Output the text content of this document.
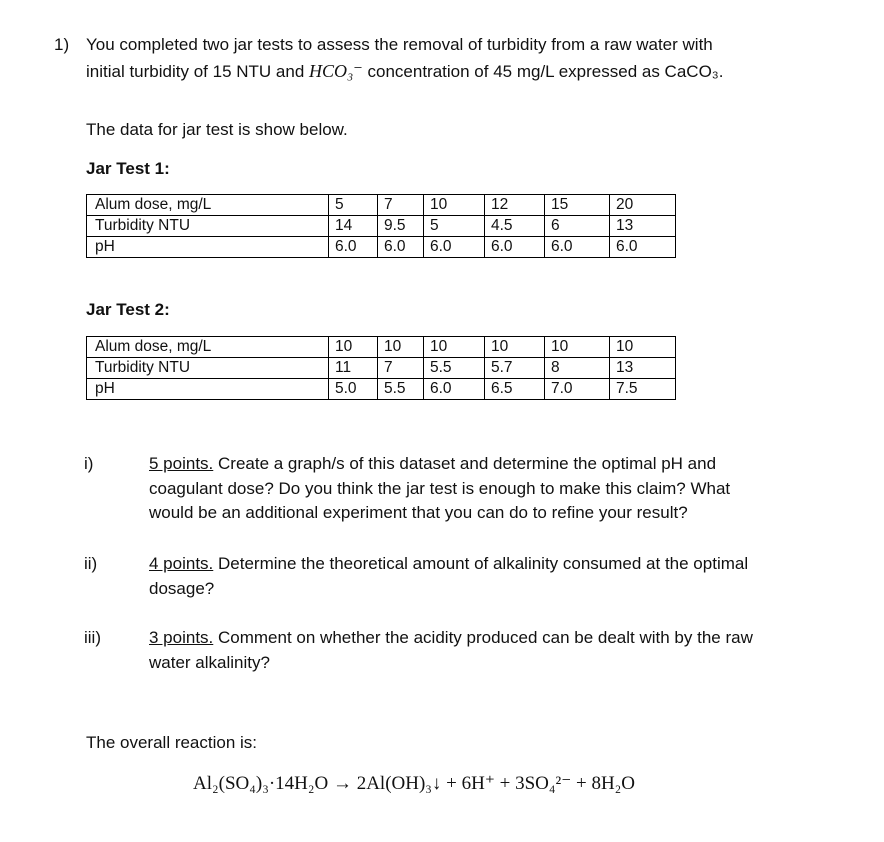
1) You completed two jar tests to assess the removal of turbidity from a raw water with
initial turbidity of 15 NTU and HCO₃⁻ concentration of 45 mg/L expressed as CaCO₃.
The data for jar test is show below.
Jar Test 1:
Alum dose, mg/L	5	7	10	12	15	20
Turbidity NTU	14	9.5	5	4.5	6	13
pH	6.0	6.0	6.0	6.0	6.0	6.0
Jar Test 2:
Alum dose, mg/L	10	10	10	10	10	10
Turbidity NTU	11	7	5.5	5.7	8	13
pH	5.0	5.5	6.0	6.5	7.0	7.5
i)	5 points. Create a graph/s of this dataset and determine the optimal pH and
coagulant dose? Do you think the jar test is enough to make this claim? What
would be an additional experiment that you can do to refine your result?
ii)	4 points. Determine the theoretical amount of alkalinity consumed at the optimal
dosage?
iii)	3 points. Comment on whether the acidity produced can be dealt with by the raw
water alkalinity?
The overall reaction is:
Al₂(SO₄)₃·14H₂O → 2Al(OH)₃↓ + 6H⁺ + 3SO₄²⁻ + 8H₂O
